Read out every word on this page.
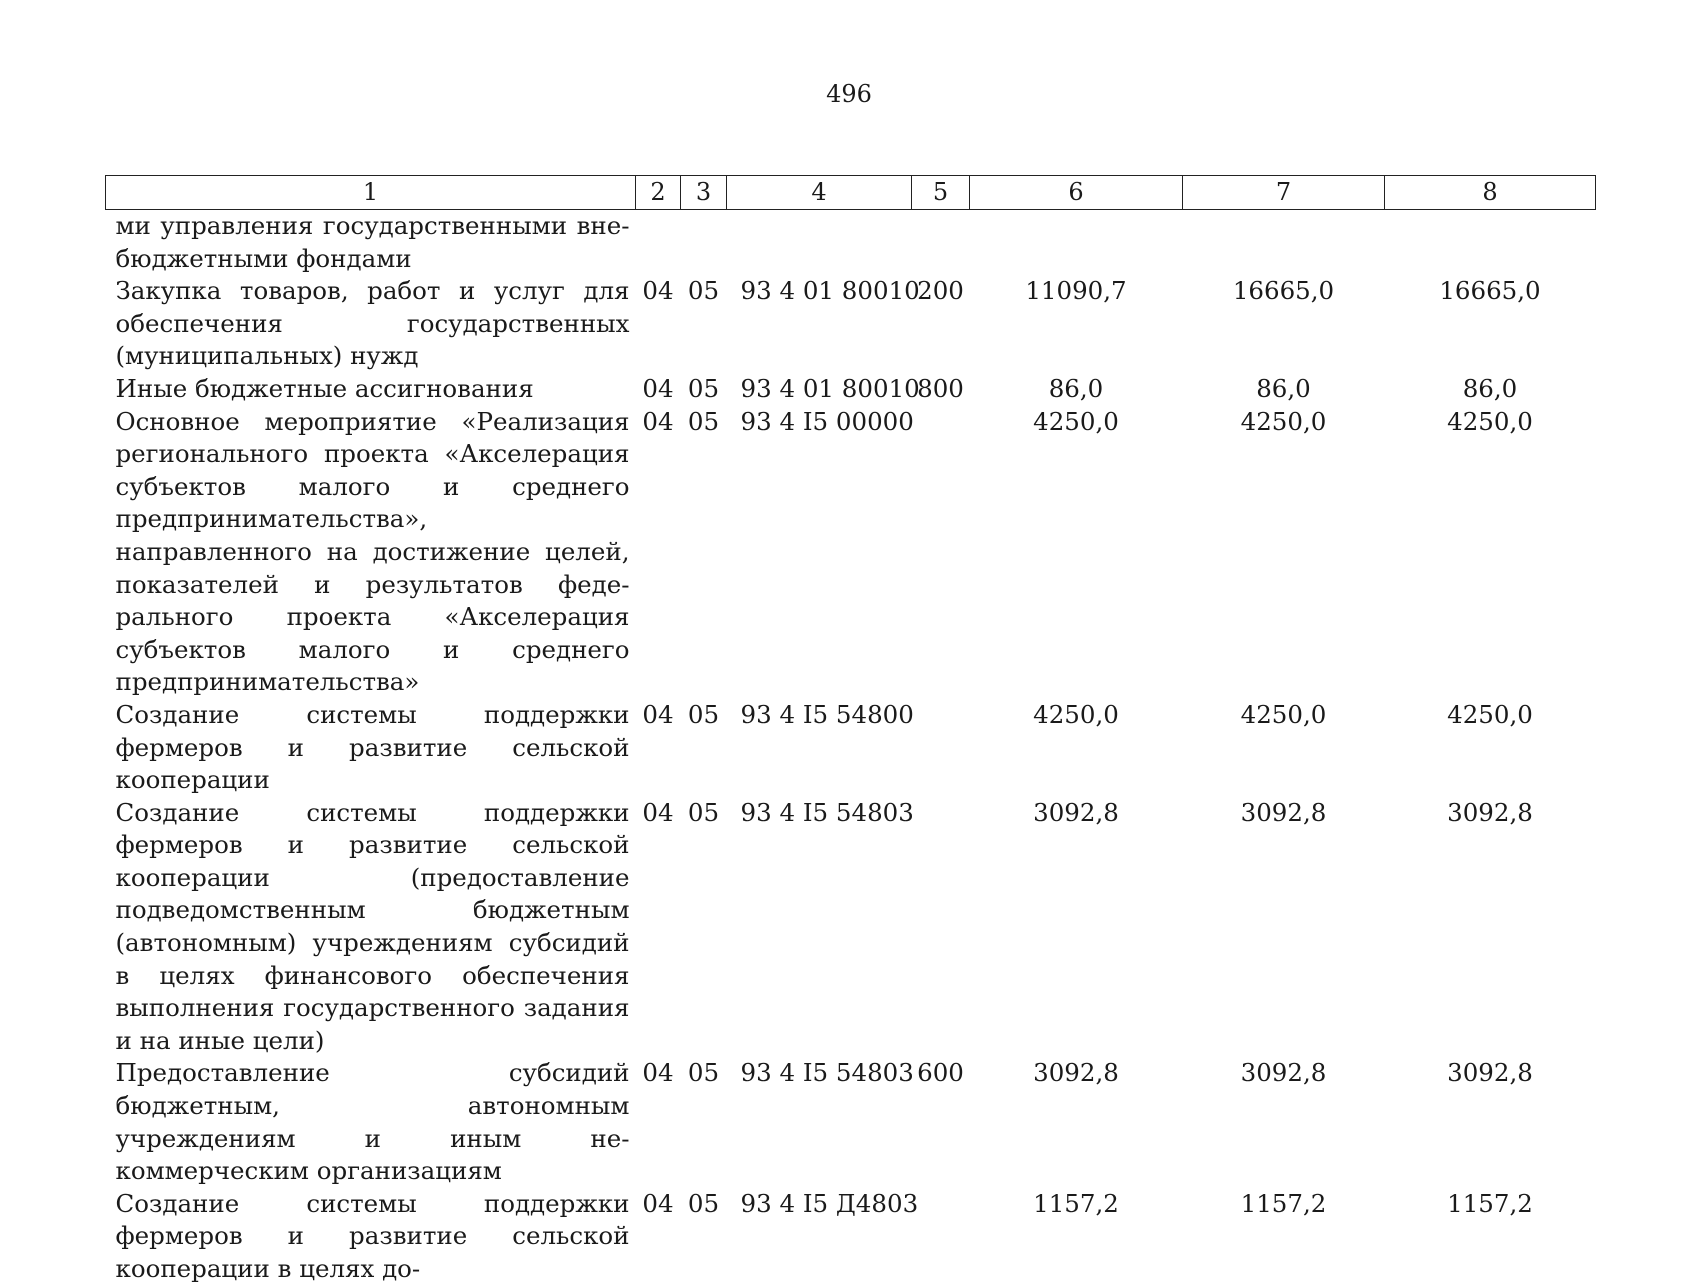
496
1	2	3	4	5	6	7	8
ми управления государственными внебюджетными фондами							
Закупка товаров, работ и услуг для обеспечения государственных (муниципальных) нужд	04	05	93 4 01 80010	200	11090,7	16665,0	16665,0
Иные бюджетные ассигнования	04	05	93 4 01 80010	800	86,0	86,0	86,0
Основное мероприятие «Реализация регионального проекта «Акселерация субъектов малого и среднего предпринимательства», направленного на достижение целей, показателей и результатов федерального проекта «Акселерация субъектов малого и среднего предпринимательства»	04	05	93 4 I5 00000		4250,0	4250,0	4250,0
Создание системы поддержки фермеров и развитие сельской кооперации	04	05	93 4 I5 54800		4250,0	4250,0	4250,0
Создание системы поддержки фермеров и развитие сельской кооперации (предоставление подведомственным бюджетным (автономным) учреждениям субсидий в целях финансового обеспечения выполнения государственного задания и на иные цели)	04	05	93 4 I5 54803		3092,8	3092,8	3092,8
Предоставление субсидий бюджетным, автономным учреждениям и иным некоммерческим организациям	04	05	93 4 I5 54803	600	3092,8	3092,8	3092,8
Создание системы поддержки фермеров и развитие сельской кооперации в целях до-	04	05	93 4 I5 Д4803		1157,2	1157,2	1157,2
